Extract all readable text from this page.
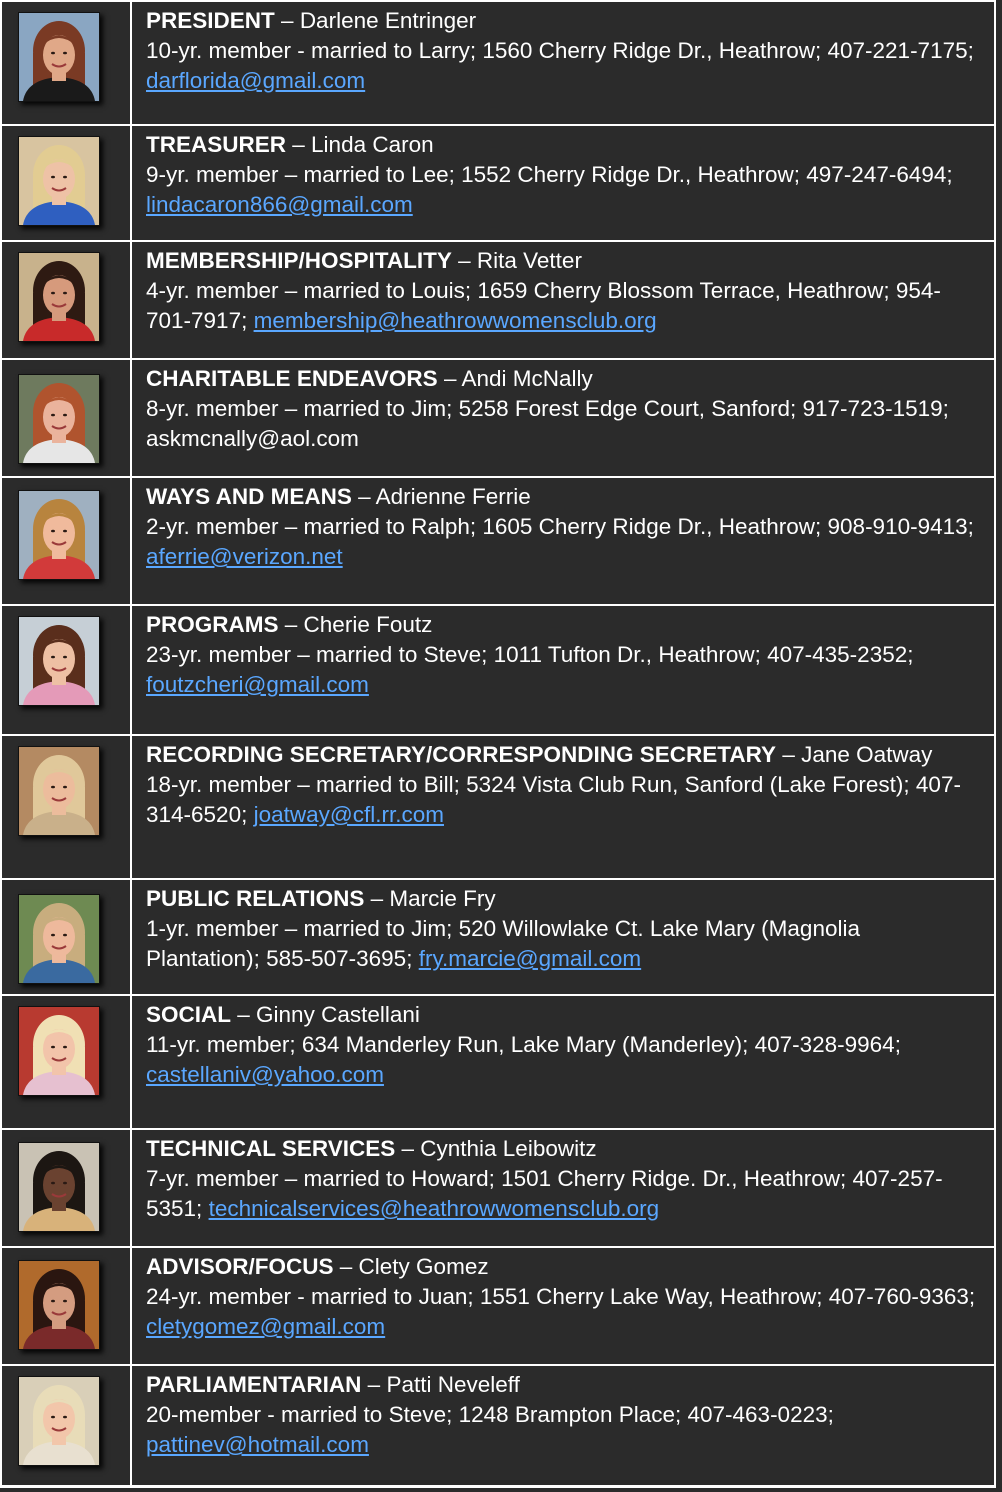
PRESIDENT – Darlene Entringer
10-yr. member - married to Larry; 1560 Cherry Ridge Dr., Heathrow; 407-221-7175; darflorida@gmail.com
TREASURER – Linda Caron
9-yr. member – married to Lee; 1552 Cherry Ridge Dr., Heathrow; 497-247-6494; lindacaron866@gmail.com
MEMBERSHIP/HOSPITALITY – Rita Vetter
4-yr. member – married to Louis; 1659 Cherry Blossom Terrace, Heathrow; 954-701-7917; membership@heathrowwomensclub.org
CHARITABLE ENDEAVORS – Andi McNally
8-yr. member – married to Jim; 5258 Forest Edge Court, Sanford; 917-723-1519; askmcnally@aol.com
WAYS AND MEANS – Adrienne Ferrie
2-yr. member – married to Ralph; 1605 Cherry Ridge Dr., Heathrow; 908-910-9413; aferrie@verizon.net
PROGRAMS – Cherie Foutz
23-yr. member – married to Steve; 1011 Tufton Dr., Heathrow; 407-435-2352; foutzcheri@gmail.com
RECORDING SECRETARY/CORRESPONDING SECRETARY – Jane Oatway
18-yr. member – married to Bill; 5324 Vista Club Run, Sanford (Lake Forest); 407-314-6520; joatway@cfl.rr.com
PUBLIC RELATIONS – Marcie Fry
1-yr. member – married to Jim; 520 Willowlake Ct. Lake Mary (Magnolia Plantation); 585-507-3695; fry.marcie@gmail.com
SOCIAL – Ginny Castellani
11-yr. member; 634 Manderley Run, Lake Mary (Manderley); 407-328-9964; castellaniv@yahoo.com
TECHNICAL SERVICES – Cynthia Leibowitz
7-yr. member – married to Howard; 1501 Cherry Ridge. Dr., Heathrow; 407-257-5351; technicalservices@heathrowwomensclub.org
ADVISOR/FOCUS – Clety Gomez
24-yr. member - married to Juan; 1551 Cherry Lake Way, Heathrow; 407-760-9363; cletygomez@gmail.com
PARLIAMENTARIAN – Patti Neveleff
20-member - married to Steve; 1248 Brampton Place; 407-463-0223; pattinev@hotmail.com
